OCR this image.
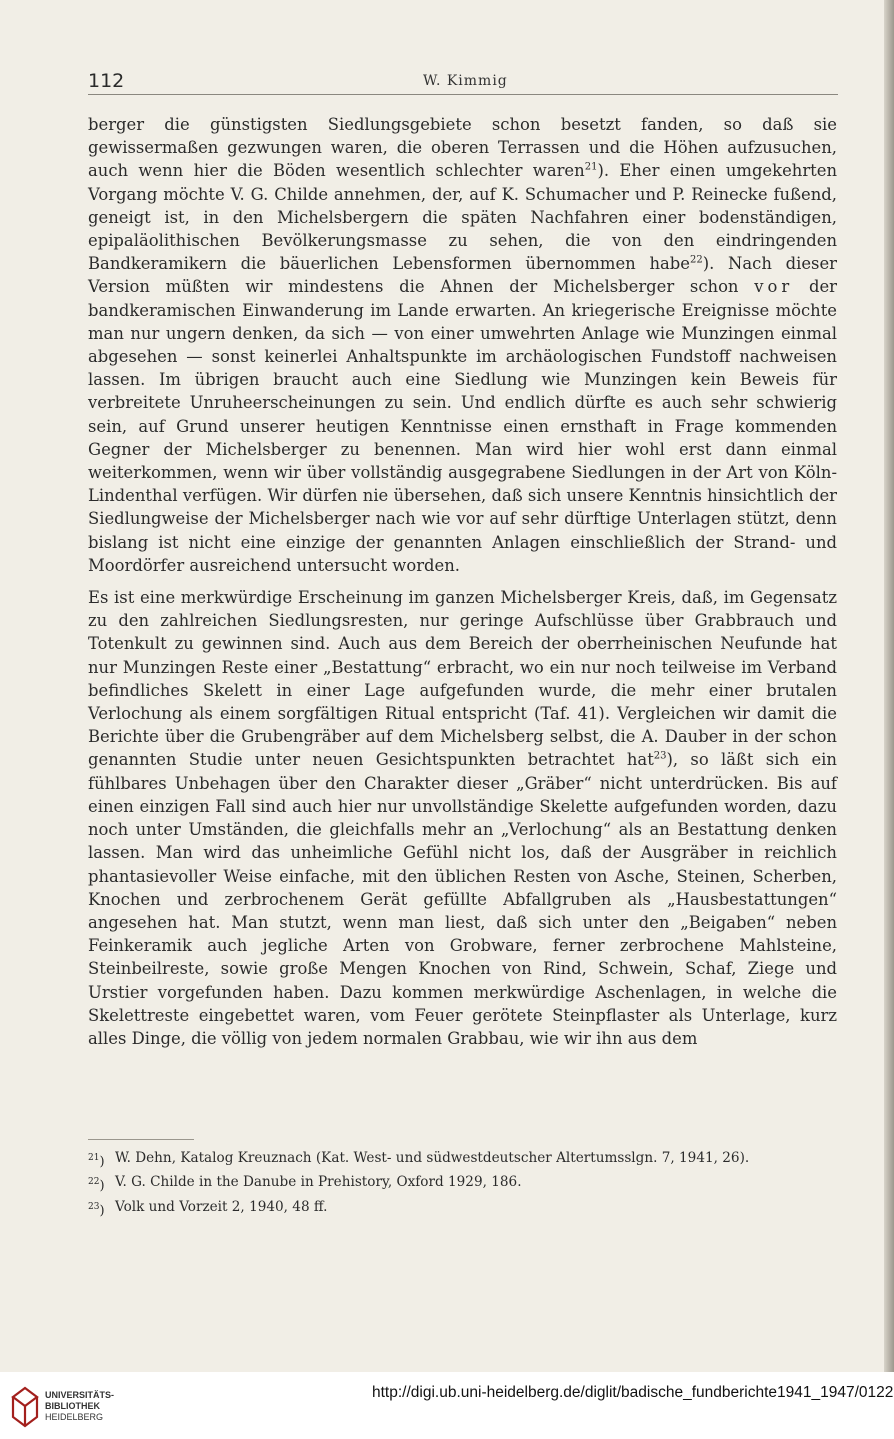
112	W. Kimmig

berger die günstigsten Siedlungsgebiete schon besetzt fanden, so daß sie gewissermaßen gezwungen waren, die oberen Terrassen und die Höhen aufzusuchen, auch wenn hier die Böden wesentlich schlechter waren$^{21}$). Eher einen umgekehrten Vorgang möchte V. G. Childe annehmen, der, auf K. Schumacher und P. Reinecke fußend, geneigt ist, in den Michelsbergern die späten Nachfahren einer bodenständigen, epipaläolithischen Bevölkerungsmasse zu sehen, die von den eindringenden Bandkeramikern die bäuerlichen Lebensformen übernommen habe$^{22}$). Nach dieser Version müßten wir mindestens die Ahnen der Michelsberger schon vor der bandkeramischen Einwanderung im Lande erwarten. An kriegerische Ereignisse möchte man nur ungern denken, da sich — von einer umwehrten Anlage wie Munzingen einmal abgesehen — sonst keinerlei Anhaltspunkte im archäologischen Fundstoff nachweisen lassen. Im übrigen braucht auch eine Siedlung wie Munzingen kein Beweis für verbreitete Unruheerscheinungen zu sein. Und endlich dürfte es auch sehr schwierig sein, auf Grund unserer heutigen Kenntnisse einen ernsthaft in Frage kommenden Gegner der Michelsberger zu benennen. Man wird hier wohl erst dann einmal weiterkommen, wenn wir über vollständig ausgegrabene Siedlungen in der Art von Köln-Lindenthal verfügen. Wir dürfen nie übersehen, daß sich unsere Kenntnis hinsichtlich der Siedlungweise der Michelsberger nach wie vor auf sehr dürftige Unterlagen stützt, denn bislang ist nicht eine einzige der genannten Anlagen einschließlich der Strand- und Moordörfer ausreichend untersucht worden.

Es ist eine merkwürdige Erscheinung im ganzen Michelsberger Kreis, daß, im Gegensatz zu den zahlreichen Siedlungsresten, nur geringe Aufschlüsse über Grabbrauch und Totenkult zu gewinnen sind. Auch aus dem Bereich der oberrheinischen Neufunde hat nur Munzingen Reste einer „Bestattung“ erbracht, wo ein nur noch teilweise im Verband befindliches Skelett in einer Lage aufgefunden wurde, die mehr einer brutalen Verlochung als einem sorgfältigen Ritual entspricht (Taf. 41). Vergleichen wir damit die Berichte über die Grubengräber auf dem Michelsberg selbst, die A. Dauber in der schon genannten Studie unter neuen Gesichtspunkten betrachtet hat$^{23}$), so läßt sich ein fühlbares Unbehagen über den Charakter dieser „Gräber“ nicht unterdrücken. Bis auf einen einzigen Fall sind auch hier nur unvollständige Skelette aufgefunden worden, dazu noch unter Umständen, die gleichfalls mehr an „Verlochung“ als an Bestattung denken lassen. Man wird das unheimliche Gefühl nicht los, daß der Ausgräber in reichlich phantasievoller Weise einfache, mit den üblichen Resten von Asche, Steinen, Scherben, Knochen und zerbrochenem Gerät gefüllte Abfallgruben als „Hausbestattungen“ angesehen hat. Man stutzt, wenn man liest, daß sich unter den „Beigaben“ neben Feinkeramik auch jegliche Arten von Grobware, ferner zerbrochene Mahlsteine, Steinbeilreste, sowie große Mengen Knochen von Rind, Schwein, Schaf, Ziege und Urstier vorgefunden haben. Dazu kommen merkwürdige Aschenlagen, in welche die Skelettreste eingebettet waren, vom Feuer gerötete Steinpflaster als Unterlage, kurz alles Dinge, die völlig von jedem normalen Grabbau, wie wir ihn aus dem

$^{21}$) W. Dehn, Katalog Kreuznach (Kat. West- und südwestdeutscher Altertumsslgn. 7, 1941, 26).
$^{22}$) V. G. Childe in the Danube in Prehistory, Oxford 1929, 186.
$^{23}$) Volk und Vorzeit 2, 1940, 48 ff.
UNIVERSITÄTS-
BIBLIOTHEK
HEIDELBERG
http://digi.ub.uni-heidelberg.de/diglit/badische_fundberichte1941_1947/0122
